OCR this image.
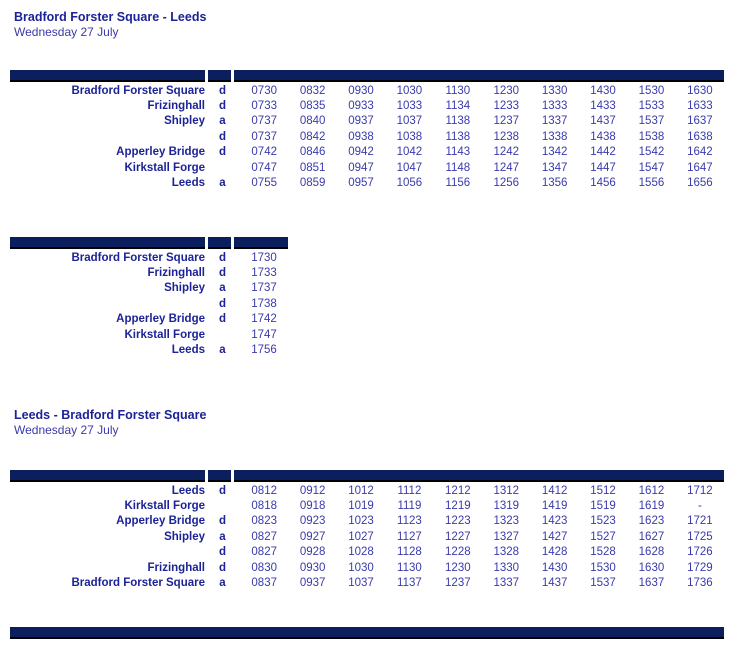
Bradford Forster Square - Leeds
Wednesday 27 July
Bradford Forster Square	d	0730	0832	0930	1030	1130	1230	1330	1430	1530	1630
Frizinghall	d	0733	0835	0933	1033	1134	1233	1333	1433	1533	1633
Shipley	a	0737	0840	0937	1037	1138	1237	1337	1437	1537	1637
d	0737	0842	0938	1038	1138	1238	1338	1438	1538	1638
Apperley Bridge	d	0742	0846	0942	1042	1143	1242	1342	1442	1542	1642
Kirkstall Forge	0747	0851	0947	1047	1148	1247	1347	1447	1547	1647
Leeds	a	0755	0859	0957	1056	1156	1256	1356	1456	1556	1656
Bradford Forster Square	d	1730
Frizinghall	d	1733
Shipley	a	1737
d	1738
Apperley Bridge	d	1742
Kirkstall Forge	1747
Leeds	a	1756
Leeds - Bradford Forster Square
Wednesday 27 July
Leeds	d	0812	0912	1012	1112	1212	1312	1412	1512	1612	1712
Kirkstall Forge	0818	0918	1019	1119	1219	1319	1419	1519	1619	-
Apperley Bridge	d	0823	0923	1023	1123	1223	1323	1423	1523	1623	1721
Shipley	a	0827	0927	1027	1127	1227	1327	1427	1527	1627	1725
d	0827	0928	1028	1128	1228	1328	1428	1528	1628	1726
Frizinghall	d	0830	0930	1030	1130	1230	1330	1430	1530	1630	1729
Bradford Forster Square	a	0837	0937	1037	1137	1237	1337	1437	1537	1637	1736
